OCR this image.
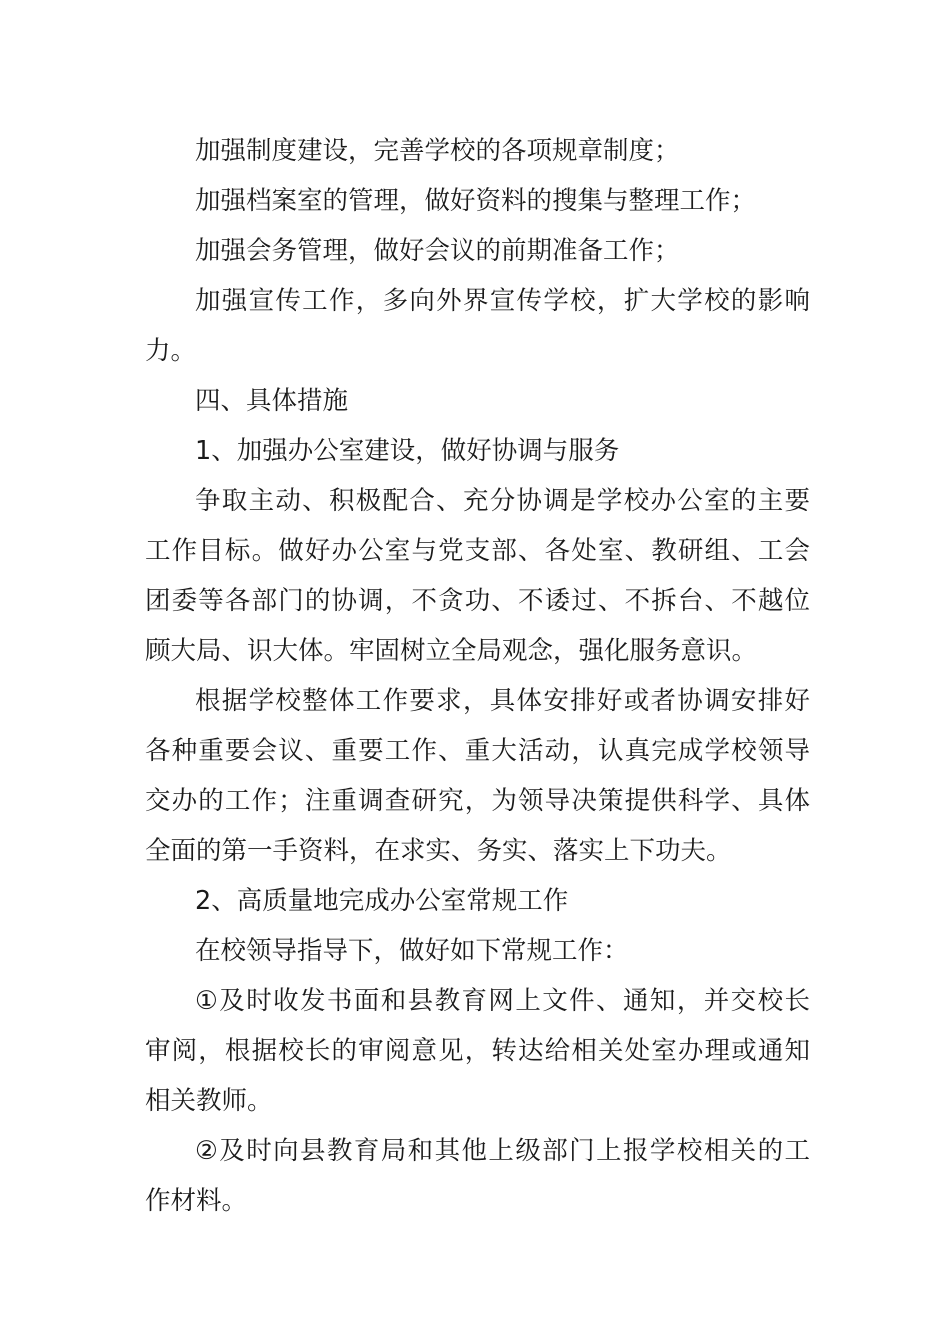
加强制度建设，完善学校的各项规章制度；
加强档案室的管理，做好资料的搜集与整理工作；
加强会务管理，做好会议的前期准备工作；
加强宣传工作，多向外界宣传学校，扩大学校的影响
力。
四、具体措施
1、加强办公室建设，做好协调与服务
争取主动、积极配合、充分协调是学校办公室的主要
工作目标。做好办公室与党支部、各处室、教研组、工会
团委等各部门的协调，不贪功、不诿过、不拆台、不越位
顾大局、识大体。牢固树立全局观念，强化服务意识。
根据学校整体工作要求，具体安排好或者协调安排好
各种重要会议、重要工作、重大活动，认真完成学校领导
交办的工作；注重调查研究，为领导决策提供科学、具体
全面的第一手资料，在求实、务实、落实上下功夫。
2、高质量地完成办公室常规工作
在校领导指导下，做好如下常规工作：
①及时收发书面和县教育网上文件、通知，并交校长
审阅，根据校长的审阅意见，转达给相关处室办理或通知
相关教师。
②及时向县教育局和其他上级部门上报学校相关的工
作材料。
